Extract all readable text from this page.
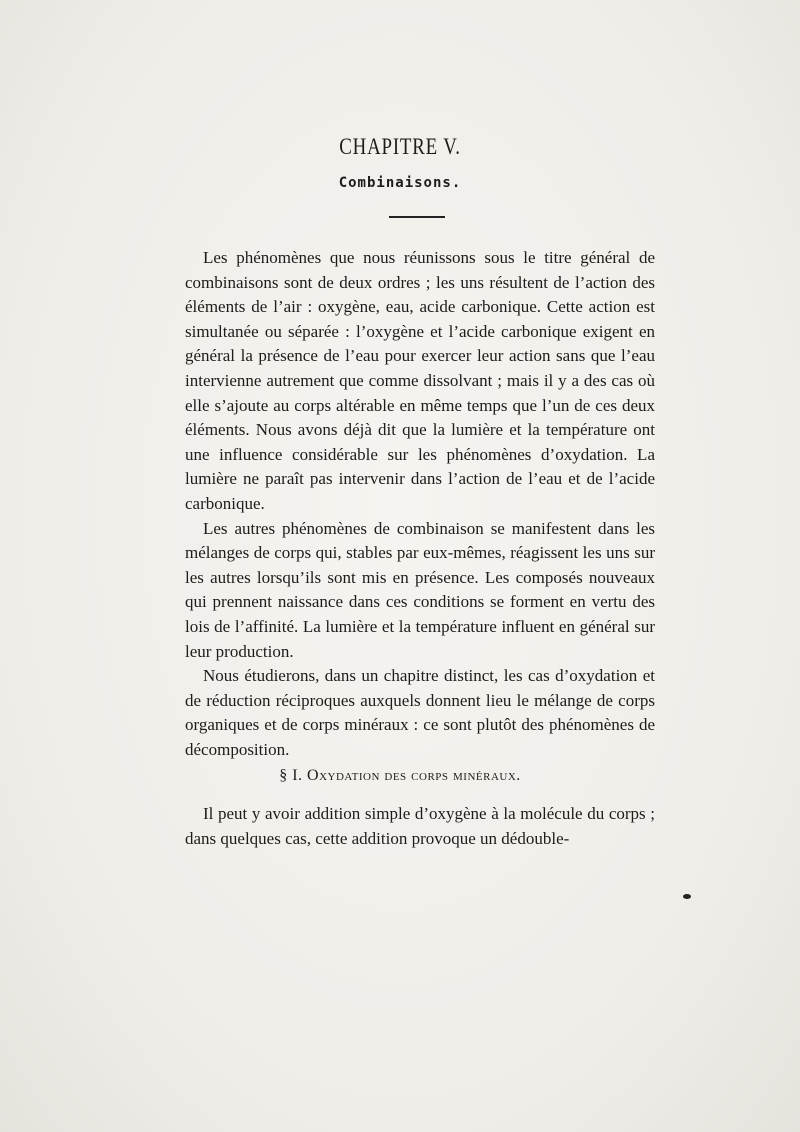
CHAPITRE V.
Combinaisons.

Les phénomènes que nous réunissons sous le titre général de combinaisons sont de deux ordres ; les uns résultent de l’action des éléments de l’air : oxygène, eau, acide carbonique. Cette action est simultanée ou séparée : l’oxygène et l’acide carbonique exigent en général la présence de l’eau pour exercer leur action sans que l’eau intervienne autrement que comme dissolvant ; mais il y a des cas où elle s’ajoute au corps altérable en même temps que l’un de ces deux éléments. Nous avons déjà dit que la lumière et la température ont une influence considérable sur les phénomènes d’oxydation. La lumière ne paraît pas intervenir dans l’action de l’eau et de l’acide carbonique.

Les autres phénomènes de combinaison se manifestent dans les mélanges de corps qui, stables par eux-mêmes, réagissent les uns sur les autres lorsqu’ils sont mis en présence. Les composés nouveaux qui prennent naissance dans ces conditions se forment en vertu des lois de l’affinité. La lumière et la température influent en général sur leur production.

Nous étudierons, dans un chapitre distinct, les cas d’oxydation et de réduction réciproques auxquels donnent lieu le mélange de corps organiques et de corps minéraux : ce sont plutôt des phénomènes de décomposition.

§ I. Oxydation des corps minéraux.

Il peut y avoir addition simple d’oxygène à la molécule du corps ; dans quelques cas, cette addition provoque un dédouble-
